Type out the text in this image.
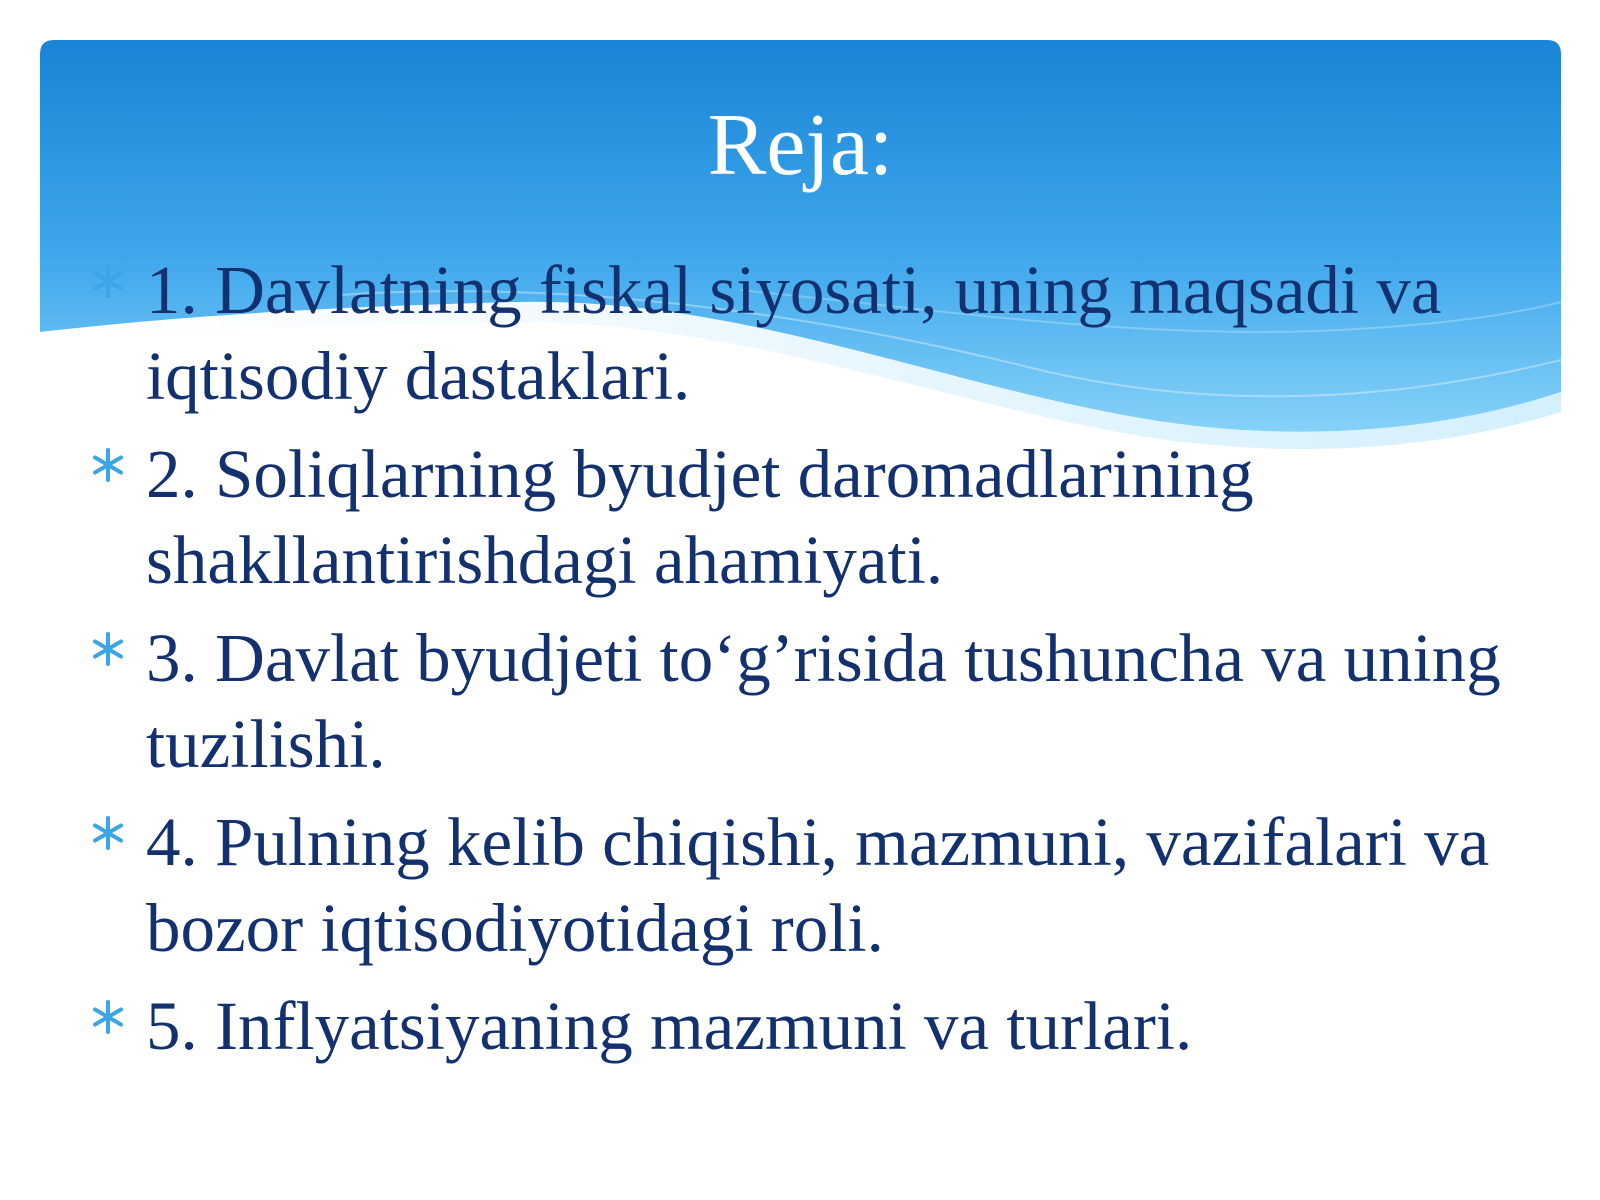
Reja:
1. Davlatning fiskal siyosati, uning maqsadi va iqtisodiy dastaklari.
2. Soliqlarning byudjet daromadlarining shakllantirishdagi ahamiyati.
3. Davlat byudjeti to‘g’risida tushuncha va uning tuzilishi.
4. Pulning kelib chiqishi, mazmuni, vazifalari va bozor iqtisodiyotidagi roli.
5. Inflyatsiyaning mazmuni va turlari.
